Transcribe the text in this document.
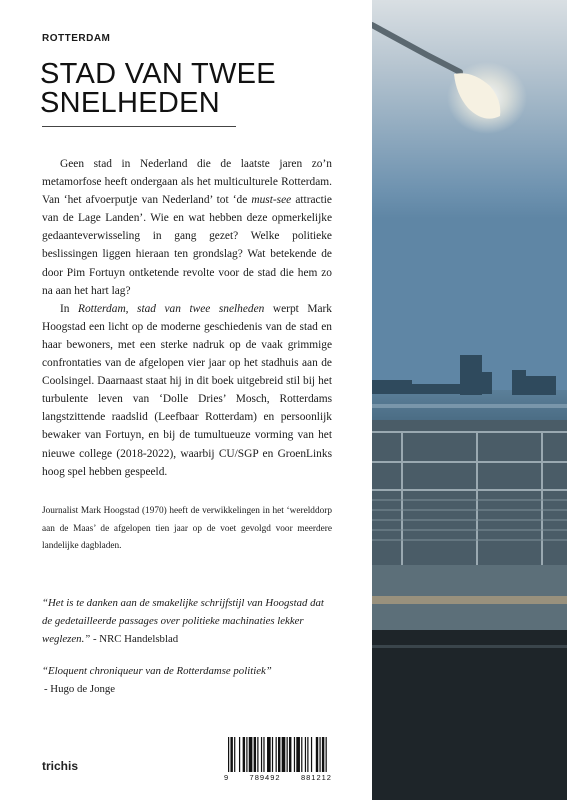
ROTTERDAM
STAD VAN TWEE
SNELHEDEN

Geen stad in Nederland die de laatste jaren zo’n metamorfose heeft ondergaan als het multiculturele Rotterdam. Van ‘het afvoerputje van Nederland’ tot ‘de must-see attractie van de Lage Landen’. Wie en wat hebben deze opmerkelijke gedaanteverwisseling in gang gezet? Welke politieke beslissingen liggen hieraan ten grondslag? Wat betekende de door Pim Fortuyn ontketende revolte voor de stad die hem zo na aan het hart lag?

In Rotterdam, stad van twee snelheden werpt Mark Hoogstad een licht op de moderne geschiedenis van de stad en haar bewoners, met een sterke nadruk op de vaak grimmige confrontaties van de afgelopen vier jaar op het stadhuis aan de Coolsingel. Daarnaast staat hij in dit boek uitgebreid stil bij het turbulente leven van ‘Dolle Dries’ Mosch, Rotterdams langstzittende raadslid (Leefbaar Rotterdam) en persoonlijk bewaker van Fortuyn, en bij de tumultueuze vorming van het nieuwe college (2018-2022), waarbij CU/SGP en GroenLinks hoog spel hebben gespeeld.

Journalist Mark Hoogstad (1970) heeft de verwikkelingen in het ‘werelddorp aan de Maas’ de afgelopen tien jaar op de voet gevolgd voor meerdere landelijke dagbladen.
“Het is te danken aan de smakelijke schrijfstijl van Hoogstad dat de gedetailleerde passages over politieke machinaties lekker weglezen.” - NRC Handelsblad
“Eloquent chroniqueur van de Rotterdamse politiek”
- Hugo de Jonge
trichis
9	789492	881212
